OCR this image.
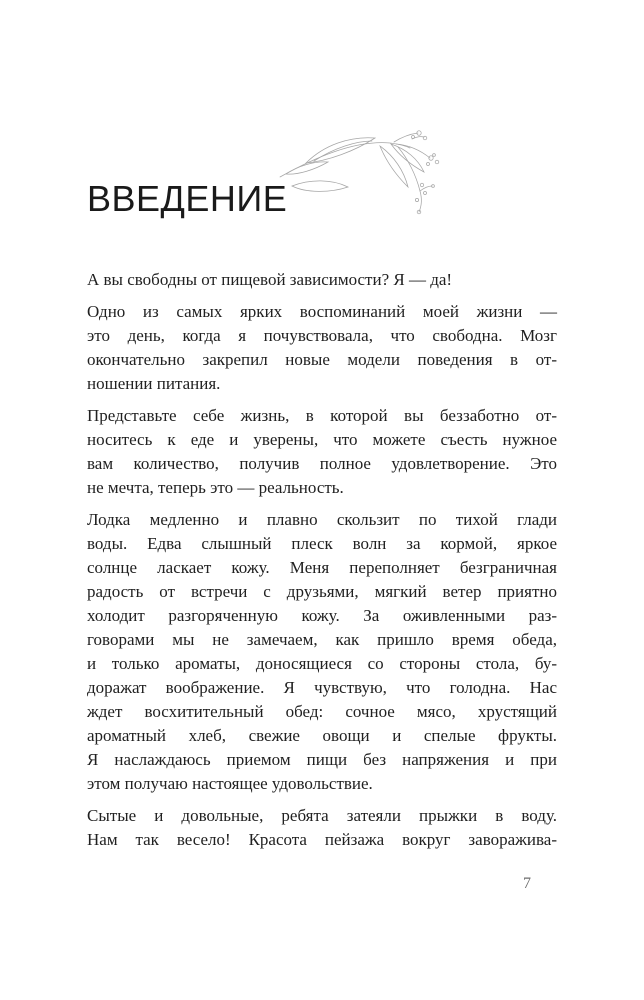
ВВЕДЕНИЕ

А вы свободны от пищевой зависимости? Я — да!

Одно из самых ярких воспоминаний моей жизни —
это день, когда я почувствовала, что свободна. Мозг
окончательно закрепил новые модели поведения в от-
ношении питания.

Представьте себе жизнь, в которой вы беззаботно от-
носитесь к еде и уверены, что можете съесть нужное
вам количество, получив полное удовлетворение. Это
не мечта, теперь это — реальность.

Лодка медленно и плавно скользит по тихой глади
воды. Едва слышный плеск волн за кормой, яркое
солнце ласкает кожу. Меня переполняет безграничная
радость от встречи с друзьями, мягкий ветер приятно
холодит разгоряченную кожу. За оживленными раз-
говорами мы не замечаем, как пришло время обеда,
и только ароматы, доносящиеся со стороны стола, бу-
доражат воображение. Я чувствую, что голодна. Нас
ждет восхитительный обед: сочное мясо, хрустящий
ароматный хлеб, свежие овощи и спелые фрукты.
Я наслаждаюсь приемом пищи без напряжения и при
этом получаю настоящее удовольствие.

Сытые и довольные, ребята затеяли прыжки в воду.
Нам так весело! Красота пейзажа вокруг заворажива-

7
